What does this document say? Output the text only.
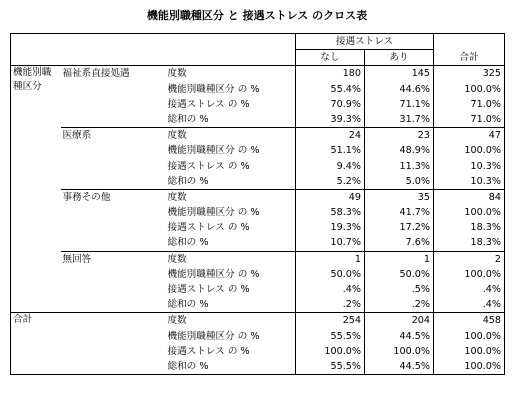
機能別職種区分 と 接遇ストレス のクロス表
			接遇ストレス		合計
			なし	あり	
機能別職種区分	福祉系直接処遇	度数	180	145	325
		機能別職種区分 の %	55.4%	44.6%	100.0%
		接遇ストレス の %	70.9%	71.1%	71.0%
		総和の %	39.3%	31.7%	71.0%
	医療系	度数	24	23	47
		機能別職種区分 の %	51.1%	48.9%	100.0%
		接遇ストレス の %	9.4%	11.3%	10.3%
		総和の %	5.2%	5.0%	10.3%
	事務その他	度数	49	35	84
		機能別職種区分 の %	58.3%	41.7%	100.0%
		接遇ストレス の %	19.3%	17.2%	18.3%
		総和の %	10.7%	7.6%	18.3%
	無回答	度数	1	1	2
		機能別職種区分 の %	50.0%	50.0%	100.0%
		接遇ストレス の %	.4%	.5%	.4%
		総和の %	.2%	.2%	.4%
合計		度数	254	204	458
		機能別職種区分 の %	55.5%	44.5%	100.0%
		接遇ストレス の %	100.0%	100.0%	100.0%
		総和の %	55.5%	44.5%	100.0%
